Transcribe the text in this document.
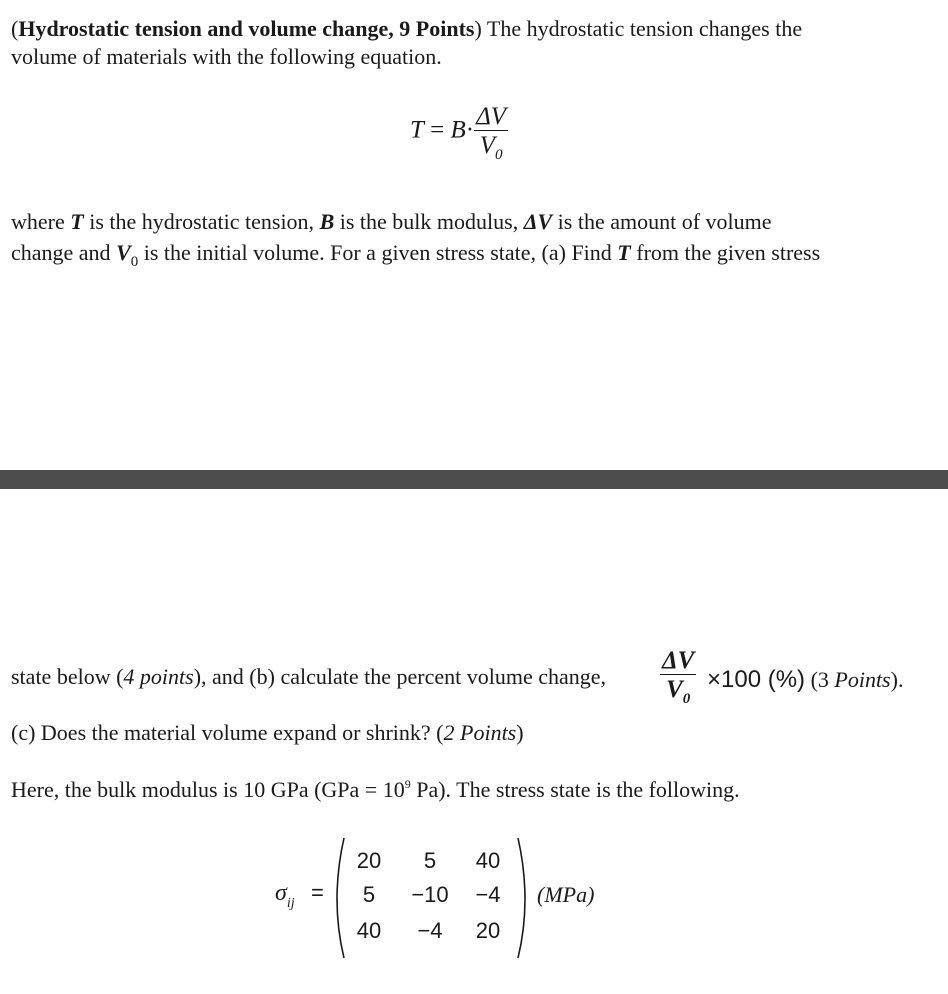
(Hydrostatic tension and volume change, 9 Points) The hydrostatic tension changes the
volume of materials with the following equation.
$T = B\cdot \frac{\Delta V}{V_0}$
where T is the hydrostatic tension, B is the bulk modulus, ΔV is the amount of volume
change and $V_0$ is the initial volume. For a given stress state, (a) Find T from the given stress
state below (4 points), and (b) calculate the percent volume change, $\frac{\Delta V}{V_0} \times 100$ (%) (3 Points).
(c) Does the material volume expand or shrink? (2 Points)
Here, the bulk modulus is 10 GPa ($GPa = 10^9$ Pa). The stress state is the following.
$\sigma_{ij}$ =
20	5	40
5	−10	−4
40	−4	20
(MPa)
